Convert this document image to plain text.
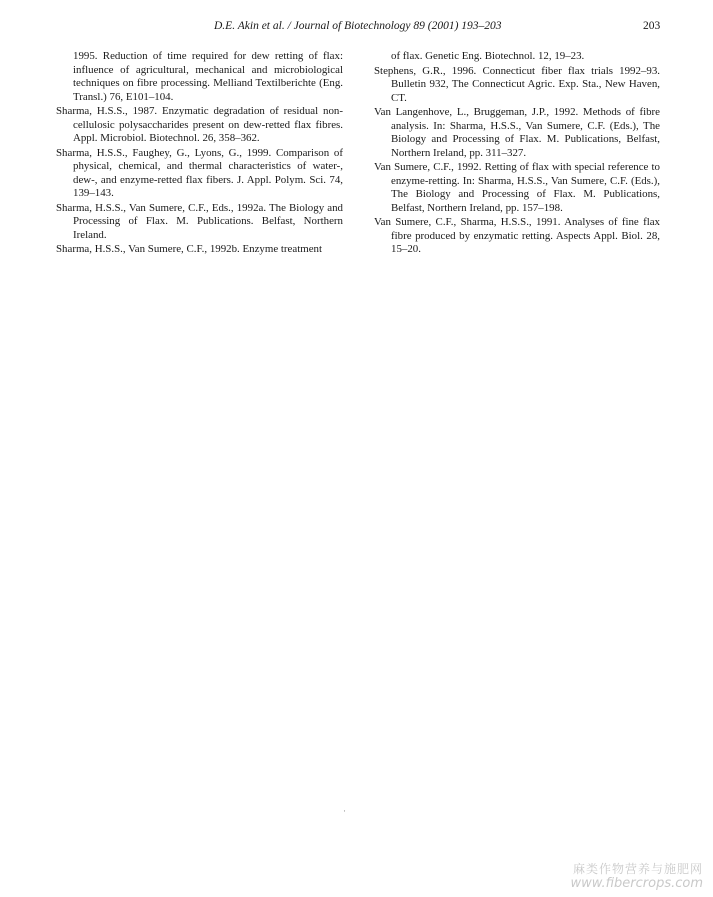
D.E. Akin et al. / Journal of Biotechnology 89 (2001) 193–203	203

1995. Reduction of time required for dew retting of flax: influence of agricultural, mechanical and microbiological techniques on fibre processing. Melliand Textilberichte (Eng. Transl.) 76, E101–104.

Sharma, H.S.S., 1987. Enzymatic degradation of residual non-cellulosic polysaccharides present on dew-retted flax fibres. Appl. Microbiol. Biotechnol. 26, 358–362.

Sharma, H.S.S., Faughey, G., Lyons, G., 1999. Comparison of physical, chemical, and thermal characteristics of water-, dew-, and enzyme-retted flax fibers. J. Appl. Polym. Sci. 74, 139–143.

Sharma, H.S.S., Van Sumere, C.F., Eds., 1992a. The Biology and Processing of Flax. M. Publications. Belfast, Northern Ireland.

Sharma, H.S.S., Van Sumere, C.F., 1992b. Enzyme treatment

of flax. Genetic Eng. Biotechnol. 12, 19–23.

Stephens, G.R., 1996. Connecticut fiber flax trials 1992–93. Bulletin 932, The Connecticut Agric. Exp. Sta., New Haven, CT.

Van Langenhove, L., Bruggeman, J.P., 1992. Methods of fibre analysis. In: Sharma, H.S.S., Van Sumere, C.F. (Eds.), The Biology and Processing of Flax. M. Publications, Belfast, Northern Ireland, pp. 311–327.

Van Sumere, C.F., 1992. Retting of flax with special reference to enzyme-retting. In: Sharma, H.S.S., Van Sumere, C.F. (Eds.), The Biology and Processing of Flax. M. Publications, Belfast, Northern Ireland, pp. 157–198.

Van Sumere, C.F., Sharma, H.S.S., 1991. Analyses of fine flax fibre produced by enzymatic retting. Aspects Appl. Biol. 28, 15–20.

·
麻类作物营养与施肥网
www.fibercrops.com
